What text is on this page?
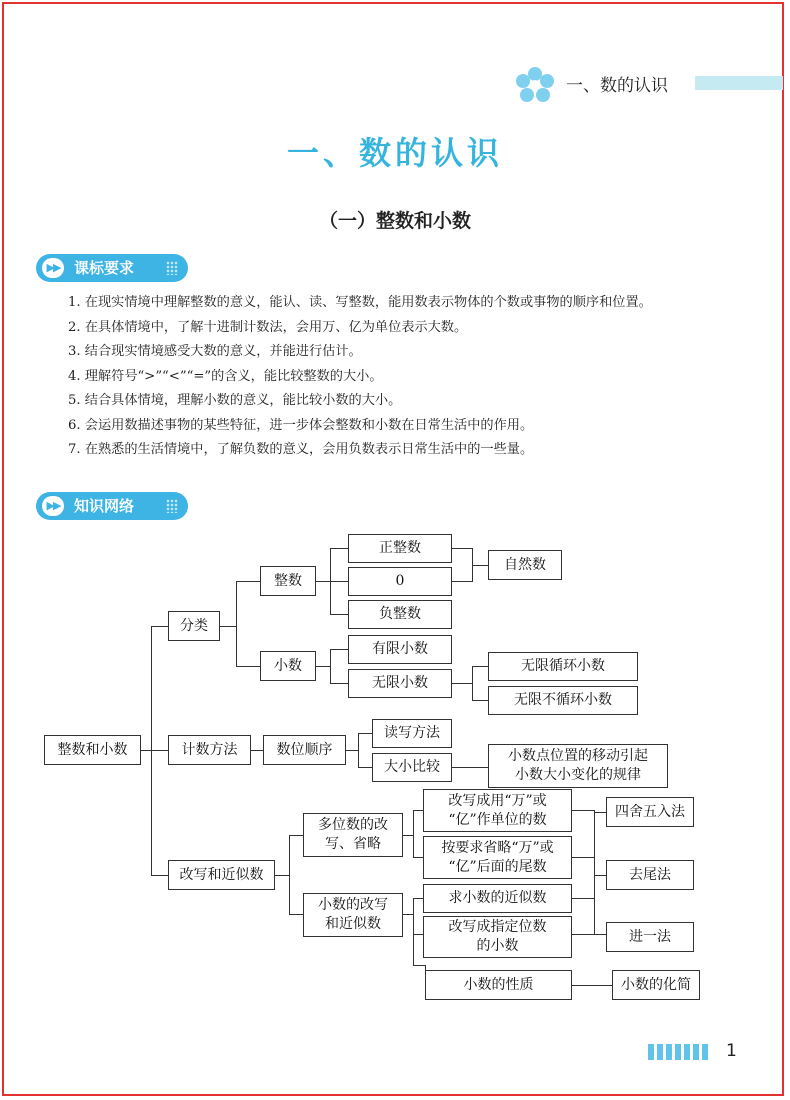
一、数的认识
一、数的认识
（一）整数和小数
▶▶ 课标要求

1. 在现实情境中理解整数的意义，能认、读、写整数，能用数表示物体的个数或事物的顺序和位置。

2. 在具体情境中，了解十进制计数法，会用万、亿为单位表示大数。

3. 结合现实情境感受大数的意义，并能进行估计。

4. 理解符号“>”“<”“=”的含义，能比较整数的大小。

5. 结合具体情境，理解小数的意义，能比较小数的大小。

6. 会运用数描述事物的某些特征，进一步体会整数和小数在日常生活中的作用。

7. 在熟悉的生活情境中，了解负数的意义，会用负数表示日常生活中的一些量。

▶▶ 知识网络
整数和小数
分类
整数
正整数
0
负整数
自然数
小数
有限小数
无限小数
无限循环小数
无限不循环小数
计数方法	数位顺序
读写方法
大小比较
小数点位置的移动引起
小数大小变化的规律
改写和近似数
多位数的改
写、省略
改写成用“万”或
“亿”作单位的数
按要求省略“万”或
“亿”后面的尾数
小数的改写
和近似数
求小数的近似数
改写成指定位数
的小数
小数的性质
四舍五入法
去尾法
进一法
小数的化简
1
